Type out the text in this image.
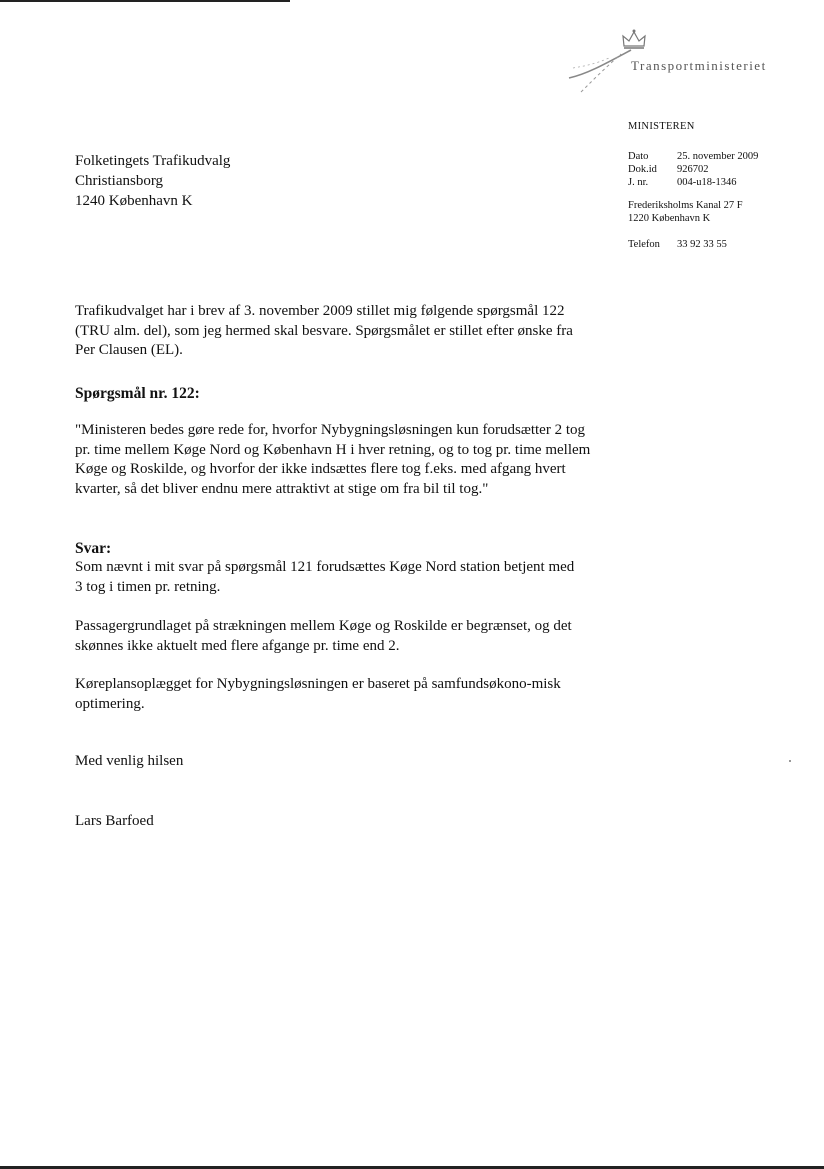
Transportministeriet
MINISTEREN
Dato	25. november 2009
Dok.id	926702
J. nr.	004-u18-1346
Frederiksholms Kanal 27 F
1220 København K
Telefon	33 92 33 55
Folketingets Trafikudvalg
Christiansborg
1240 København K

Trafikudvalget har i brev af 3. november 2009 stillet mig følgende spørgsmål 122 (TRU alm. del), som jeg hermed skal besvare. Spørgsmålet er stillet efter ønske fra Per Clausen (EL).

Spørgsmål nr. 122:

"Ministeren bedes gøre rede for, hvorfor Nybygningsløsningen kun forudsætter 2 tog pr. time mellem Køge Nord og København H i hver retning, og to tog pr. time mellem Køge og Roskilde, og hvorfor der ikke indsættes flere tog f.eks. med afgang hvert kvarter, så det bliver endnu mere attraktivt at stige om fra bil til tog."

Svar:

Som nævnt i mit svar på spørgsmål 121 forudsættes Køge Nord station betjent med 3 tog i timen pr. retning.

Passagergrundlaget på strækningen mellem Køge og Roskilde er begrænset, og det skønnes ikke aktuelt med flere afgange pr. time end 2.

Køreplansoplægget for Nybygningsløsningen er baseret på samfundsøkono-misk optimering.

Med venlig hilsen

Lars Barfoed
